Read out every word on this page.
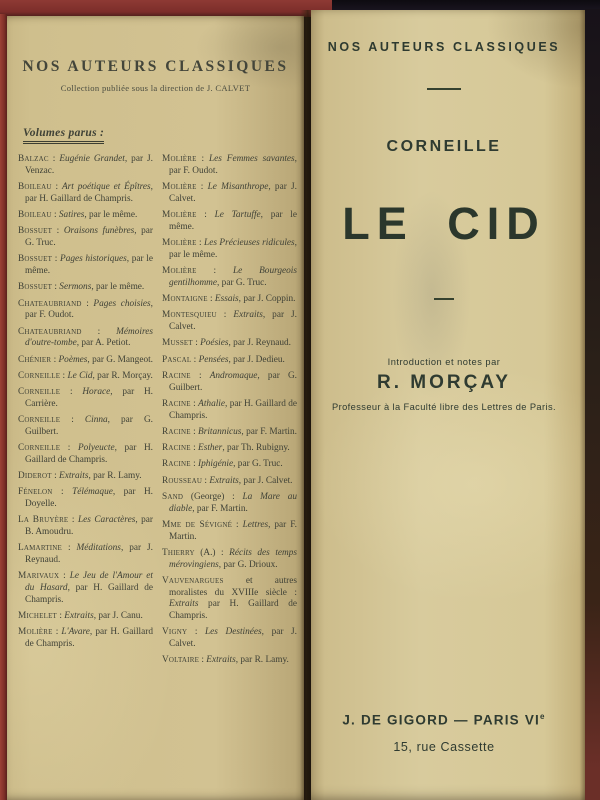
NOS AUTEURS CLASSIQUES
Collection publiée sous la direction de J. CALVET
Volumes parus :
Balzac : Eugénie Grandet, par J. Venzac.
Boileau : Art poétique et Épîtres, par H. Gaillard de Champris.
Boileau : Satires, par le même.
Bossuet : Oraisons funèbres, par G. Truc.
Bossuet : Pages historiques, par le même.
Bossuet : Sermons, par le même.
Chateaubriand : Pages choisies, par F. Oudot.
Chateaubriand : Mémoires d'outre-tombe, par A. Petiot.
Chénier : Poèmes, par G. Mangeot.
Corneille : Le Cid, par R. Morçay.
Corneille : Horace, par H. Carrière.
Corneille : Cinna, par G. Guilbert.
Corneille : Polyeucte, par H. Gaillard de Champris.
Diderot : Extraits, par R. Lamy.
Fénelon : Télémaque, par H. Doyelle.
La Bruyère : Les Caractères, par B. Amoudru.
Lamartine : Méditations, par J. Reynaud.
Marivaux : Le Jeu de l'Amour et du Hasard, par H. Gaillard de Champris.
Michelet : Extraits, par J. Canu.
Molière : L'Avare, par H. Gaillard de Champris.
Molière : Les Femmes savantes, par F. Oudot.
Molière : Le Misanthrope, par J. Calvet.
Molière : Le Tartuffe, par le même.
Molière : Les Précieuses ridicules, par le même.
Molière : Le Bourgeois gentilhomme, par G. Truc.
Montaigne : Essais, par J. Coppin.
Montesquieu : Extraits, par J. Calvet.
Musset : Poésies, par J. Reynaud.
Pascal : Pensées, par J. Dedieu.
Racine : Andromaque, par G. Guilbert.
Racine : Athalie, par H. Gaillard de Champris.
Racine : Britannicus, par F. Martin.
Racine : Esther, par Th. Rubigny.
Racine : Iphigénie, par G. Truc.
Rousseau : Extraits, par J. Calvet.
Sand (George) : La Mare au diable, par F. Martin.
Mme de Sévigné : Lettres, par F. Martin.
Thierry (A.) : Récits des temps mérovingiens, par G. Drioux.
Vauvenargues et autres moralistes du XVIIIe siècle : Extraits par H. Gaillard de Champris.
Vigny : Les Destinées, par J. Calvet.
Voltaire : Extraits, par R. Lamy.
NOS AUTEURS CLASSIQUES
CORNEILLE
LE CID
Introduction et notes par
R. MORÇAY
Professeur à la Faculté libre des Lettres de Paris.
J. DE GIGORD — PARIS VIe
15, rue Cassette
